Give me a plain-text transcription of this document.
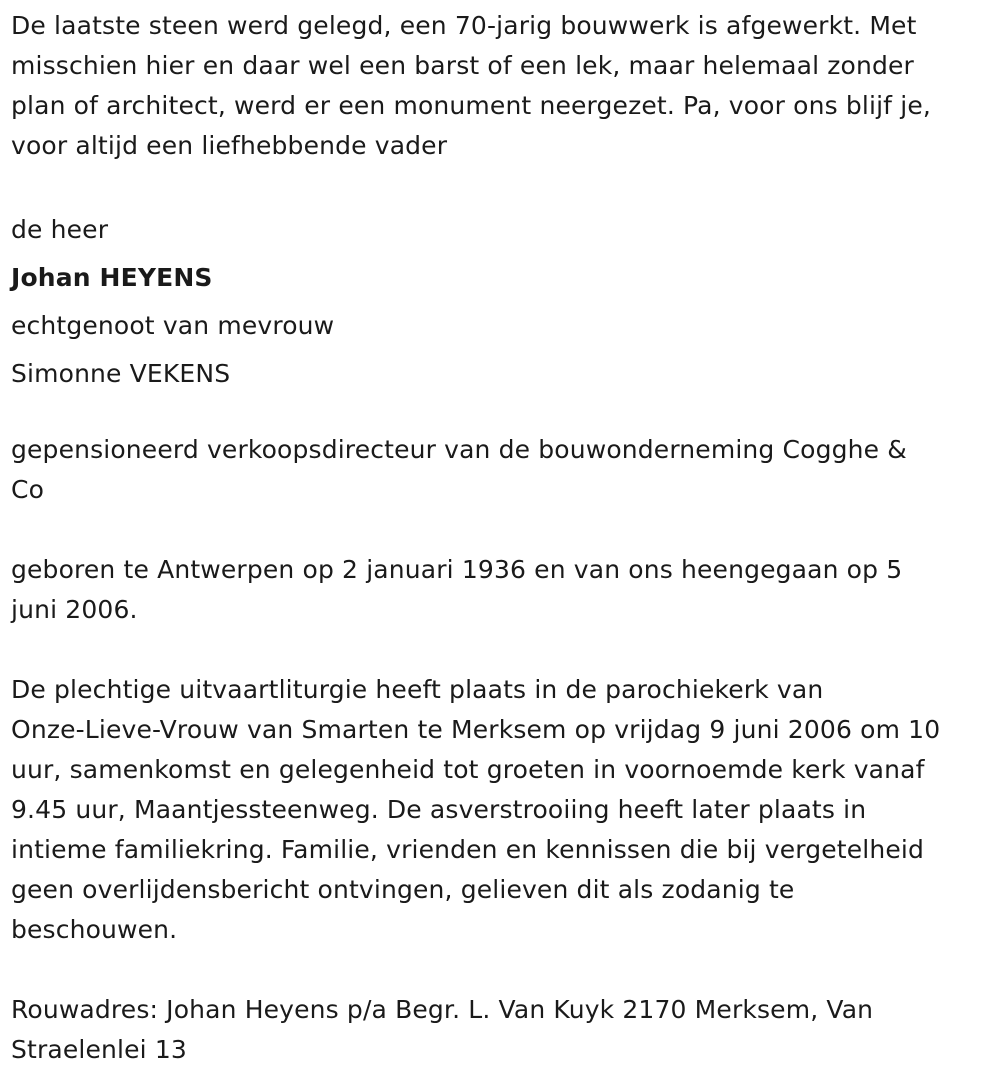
De laatste steen werd gelegd, een 70-jarig bouwwerk is afgewerkt. Met
misschien hier en daar wel een barst of een lek, maar helemaal zonder
plan of architect, werd er een monument neergezet. Pa, voor ons blijf je,
voor altijd een liefhebbende vader

de heer
Johan HEYENS
echtgenoot van mevrouw
Simonne VEKENS

gepensioneerd verkoopsdirecteur van de bouwonderneming Cogghe &
Co

geboren te Antwerpen op 2 januari 1936 en van ons heengegaan op 5
juni 2006.

De plechtige uitvaartliturgie heeft plaats in de parochiekerk van
Onze-Lieve-Vrouw van Smarten te Merksem op vrijdag 9 juni 2006 om 10
uur, samenkomst en gelegenheid tot groeten in voornoemde kerk vanaf
9.45 uur, Maantjessteenweg. De asverstrooiing heeft later plaats in
intieme familiekring. Familie, vrienden en kennissen die bij vergetelheid
geen overlijdensbericht ontvingen, gelieven dit als zodanig te
beschouwen.

Rouwadres: Johan Heyens p/a Begr. L. Van Kuyk 2170 Merksem, Van
Straelenlei 13
